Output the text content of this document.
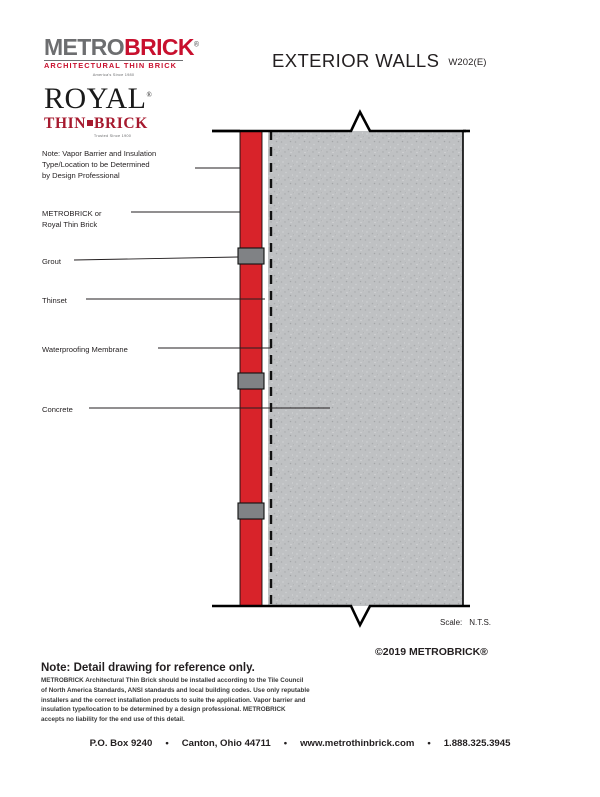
METROBRICK®
ARCHITECTURAL THIN BRICK
America's Since 1980
ROYAL®
THIN BRICK
Trusted Since 1900
EXTERIOR WALLS W202(E)
Note: Vapor Barrier and Insulation
Type/Location to be Determined
by Design Professional
METROBRICK or
Royal Thin Brick
Grout
Thinset
Waterproofing Membrane
Concrete
Scale: N.T.S.
©2019 METROBRICK®
Note: Detail drawing for reference only.
METROBRICK Architectural Thin Brick should be installed according to the Tile Council
of North America Standards, ANSI standards and local building codes. Use only reputable
installers and the correct installation products to suite the application. Vapor barrier and
insulation type/location to be determined by a design professional. METROBRICK
accepts no liability for the end use of this detail.
P.O. Box 9240 • Canton, Ohio 44711 • www.metrothinbrick.com • 1.888.325.3945
